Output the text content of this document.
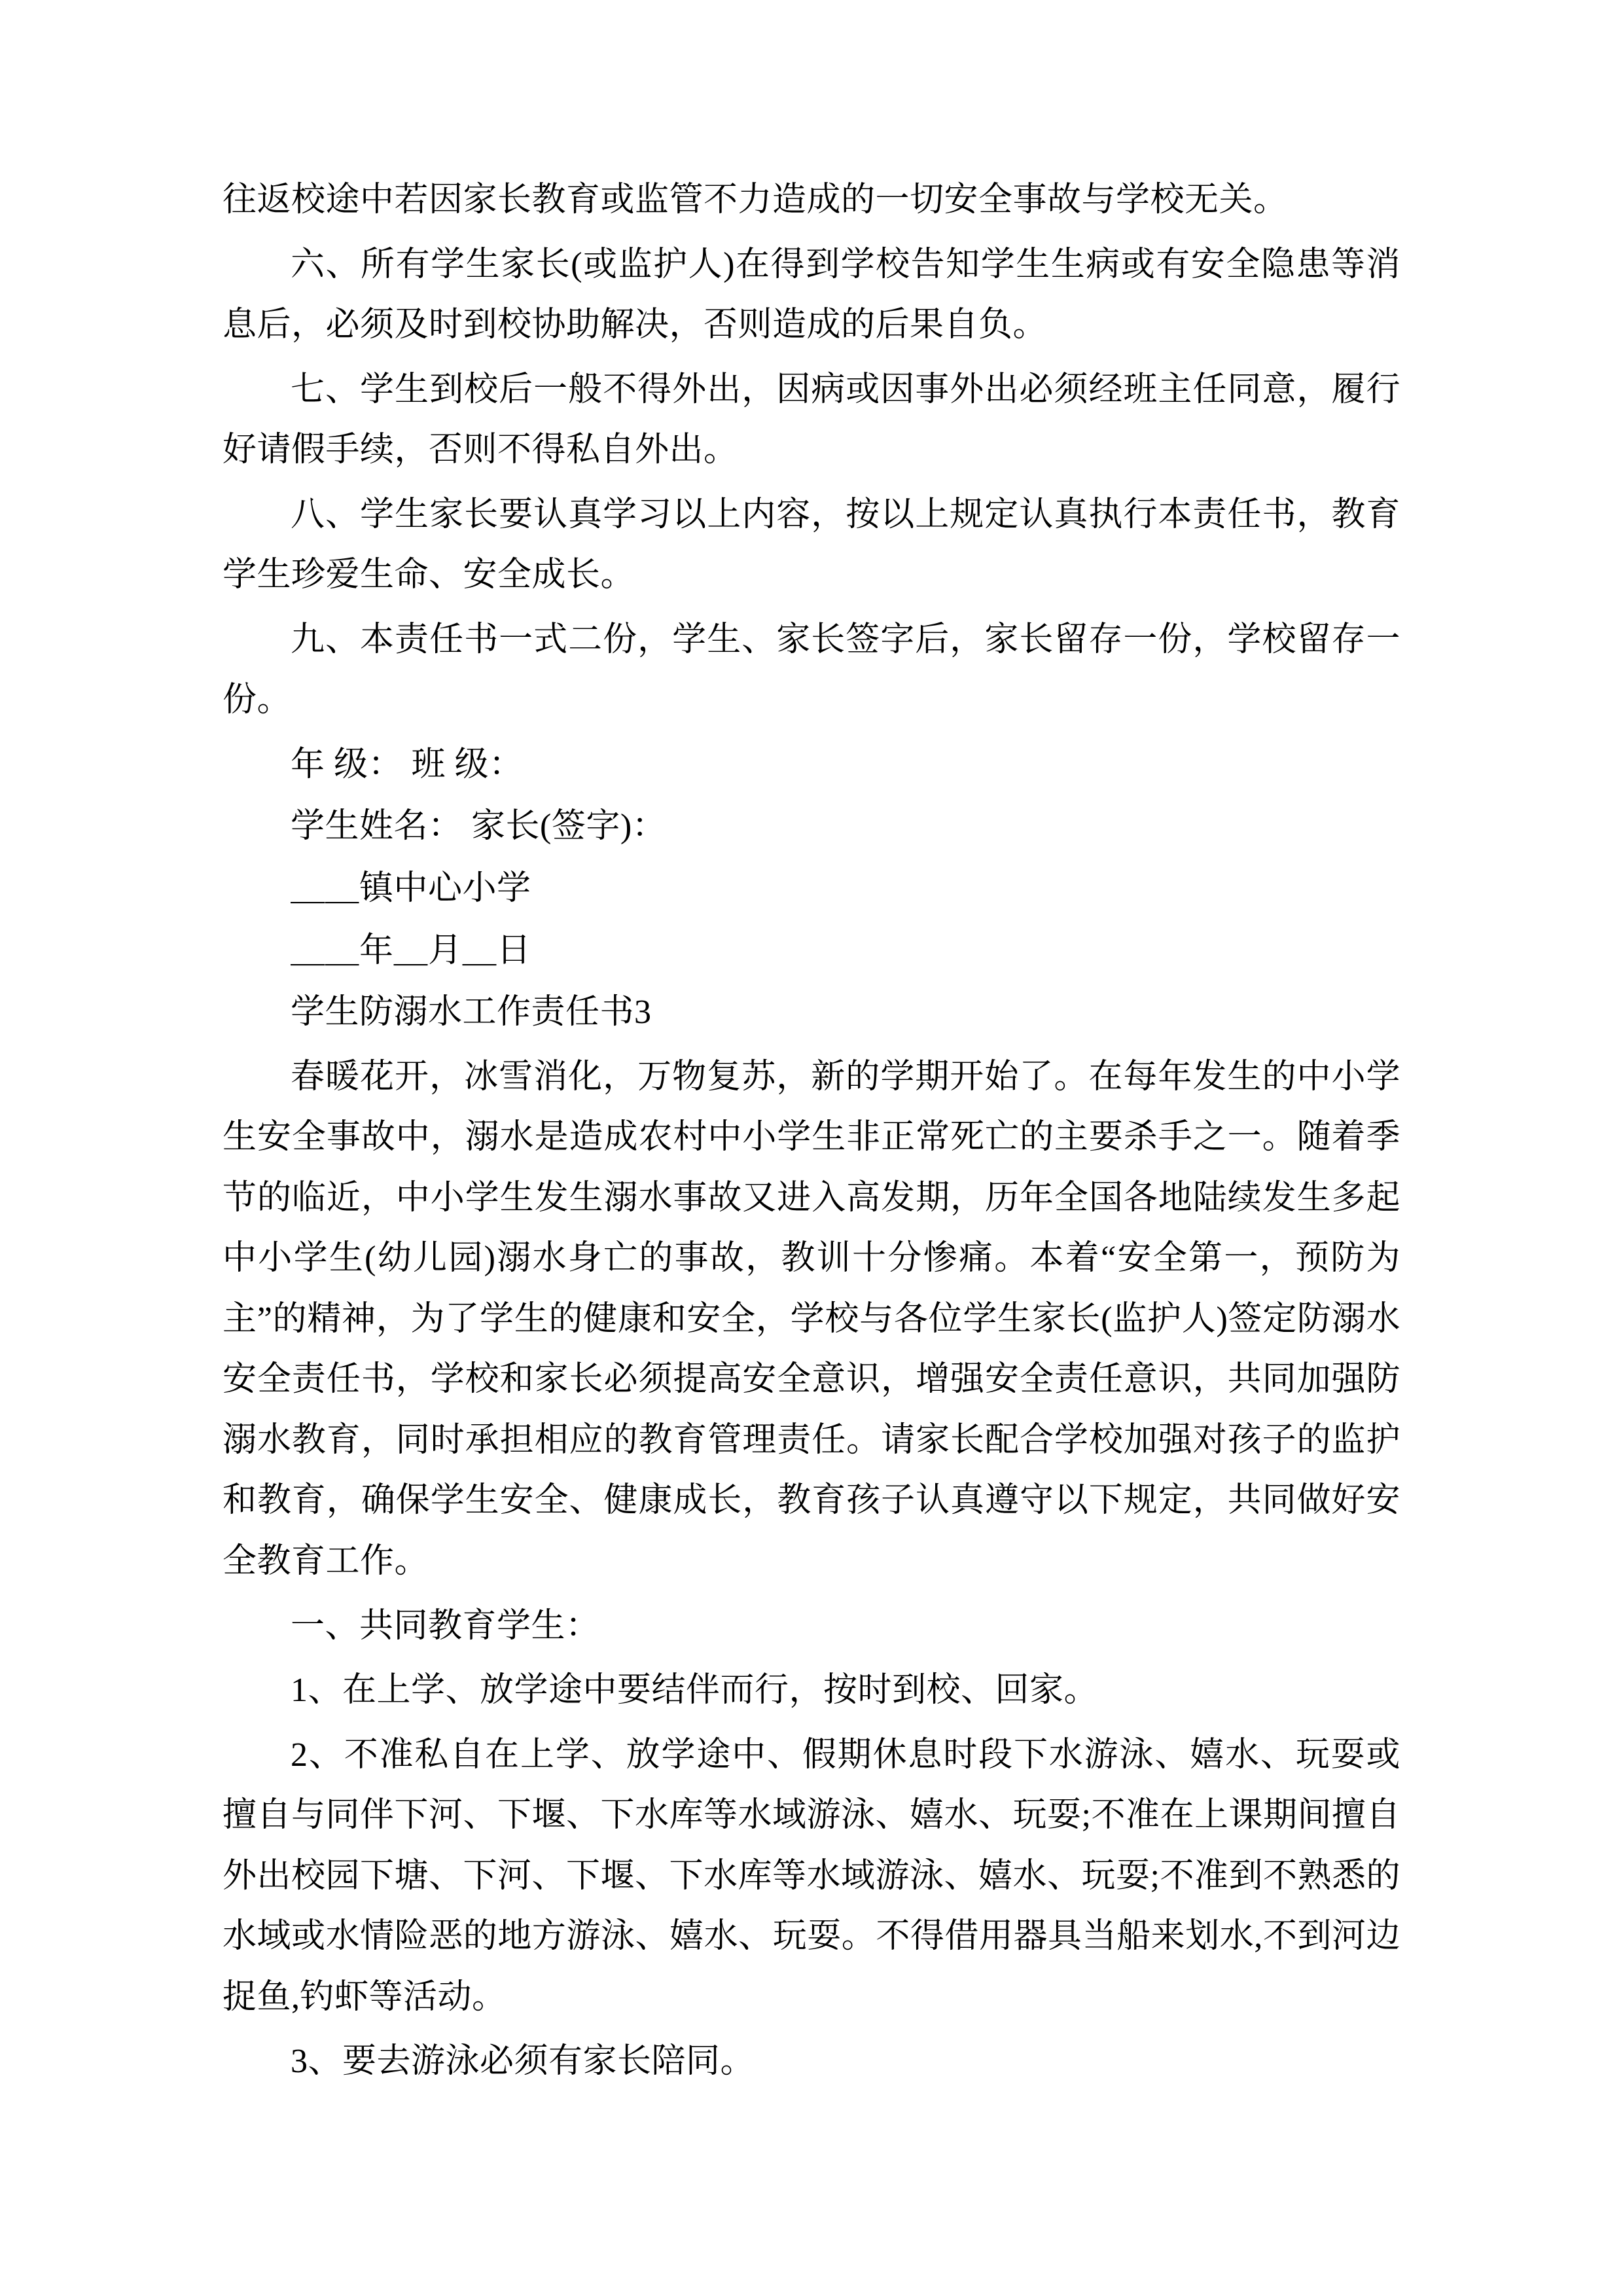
往返校途中若因家长教育或监管不力造成的一切安全事故与学校无关。

六、所有学生家长(或监护人)在得到学校告知学生生病或有安全隐患等消息后，必须及时到校协助解决，否则造成的后果自负。

七、学生到校后一般不得外出，因病或因事外出必须经班主任同意，履行好请假手续，否则不得私自外出。

八、学生家长要认真学习以上内容，按以上规定认真执行本责任书，教育学生珍爱生命、安全成长。

九、本责任书一式二份，学生、家长签字后，家长留存一份，学校留存一份。

年 级： 班 级：

学生姓名： 家长(签字)：

＿＿镇中心小学

＿＿年＿月＿日

学生防溺水工作责任书3

春暖花开，冰雪消化，万物复苏，新的学期开始了。在每年发生的中小学生安全事故中，溺水是造成农村中小学生非正常死亡的主要杀手之一。随着季节的临近，中小学生发生溺水事故又进入高发期，历年全国各地陆续发生多起中小学生(幼儿园)溺水身亡的事故，教训十分惨痛。本着“安全第一，预防为主”的精神，为了学生的健康和安全，学校与各位学生家长(监护人)签定防溺水安全责任书，学校和家长必须提高安全意识，增强安全责任意识，共同加强防溺水教育，同时承担相应的教育管理责任。请家长配合学校加强对孩子的监护和教育，确保学生安全、健康成长，教育孩子认真遵守以下规定，共同做好安全教育工作。

一、共同教育学生：

1、在上学、放学途中要结伴而行，按时到校、回家。

2、不准私自在上学、放学途中、假期休息时段下水游泳、嬉水、玩耍或擅自与同伴下河、下堰、下水库等水域游泳、嬉水、玩耍;不准在上课期间擅自外出校园下塘、下河、下堰、下水库等水域游泳、嬉水、玩耍;不准到不熟悉的水域或水情险恶的地方游泳、嬉水、玩耍。不得借用器具当船来划水,不到河边捉鱼,钓虾等活动。

3、要去游泳必须有家长陪同。
